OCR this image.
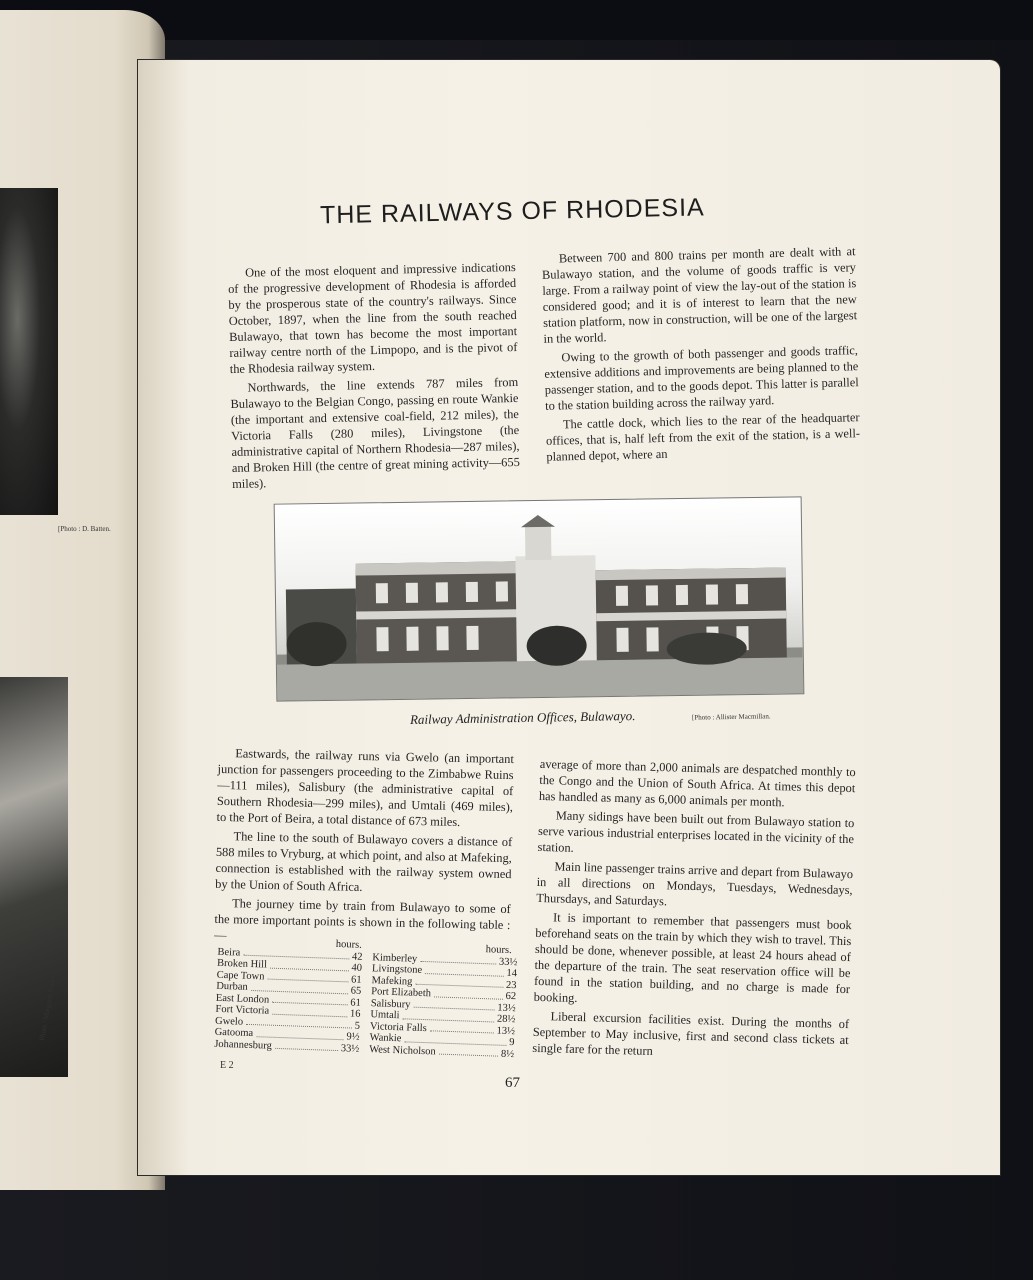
[Photo : D. Batten.
Photo : Margaret Forbes
THE RAILWAYS OF RHODESIA

One of the most eloquent and impressive indications of the progressive development of Rhodesia is afforded by the prosperous state of the country's railways. Since October, 1897, when the line from the south reached Bulawayo, that town has become the most important railway centre north of the Limpopo, and is the pivot of the Rhodesia railway system.

Northwards, the line extends 787 miles from Bulawayo to the Belgian Congo, passing en route Wankie (the important and extensive coal-field, 212 miles), the Victoria Falls (280 miles), Livingstone (the administrative capital of Northern Rhodesia—287 miles), and Broken Hill (the centre of great mining activity—655 miles).

Between 700 and 800 trains per month are dealt with at Bulawayo station, and the volume of goods traffic is very large. From a railway point of view the lay-out of the station is considered good; and it is of interest to learn that the new station platform, now in construction, will be one of the largest in the world.

Owing to the growth of both passenger and goods traffic, extensive additions and improvements are being planned to the passenger station, and to the goods depot. This latter is parallel to the station building across the railway yard.

The cattle dock, which lies to the rear of the headquarter offices, that is, half left from the exit of the station, is a well-planned depot, where an

Railway Administration Offices, Bulawayo.	[Photo : Allister Macmillan.

Eastwards, the railway runs via Gwelo (an important junction for passengers proceeding to the Zimbabwe Ruins—111 miles), Salisbury (the administrative capital of Southern Rhodesia—299 miles), and Umtali (469 miles), to the Port of Beira, a total distance of 673 miles.

The line to the south of Bulawayo covers a distance of 588 miles to Vryburg, at which point, and also at Mafeking, connection is established with the railway system owned by the Union of South Africa.

The journey time by train from Bulawayo to some of the more important points is shown in the following table :—

hours.	hours.
Beira	42
Broken Hill	40
Cape Town	61
Durban	65
East London	61
Fort Victoria	16
Gwelo	5
Gatooma	9½
Johannesburg	33½
Kimberley	33½
Livingstone	14
Mafeking	23
Port Elizabeth	62
Salisbury	13½
Umtali	28½
Victoria Falls	13½
Wankie	9
West Nicholson	8½

average of more than 2,000 animals are despatched monthly to the Congo and the Union of South Africa. At times this depot has handled as many as 6,000 animals per month.

Many sidings have been built out from Bulawayo station to serve various industrial enterprises located in the vicinity of the station.

Main line passenger trains arrive and depart from Bulawayo in all directions on Mondays, Tuesdays, Wednesdays, Thursdays, and Saturdays.

It is important to remember that passengers must book beforehand seats on the train by which they wish to travel. This should be done, whenever possible, at least 24 hours ahead of the departure of the train. The seat reservation office will be found in the station building, and no charge is made for booking.

Liberal excursion facilities exist. During the months of September to May inclusive, first and second class tickets at single fare for the return

E 2
67
